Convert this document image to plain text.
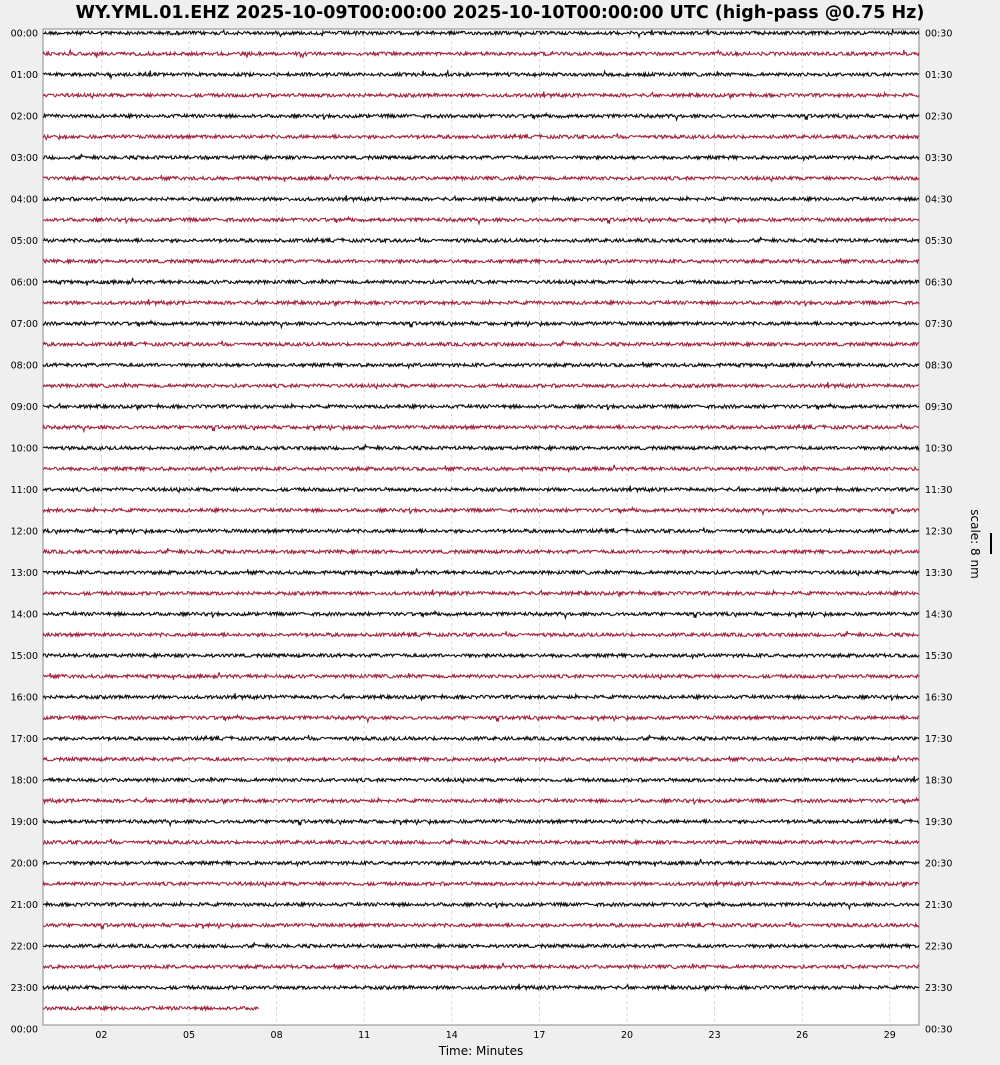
WY.YML.01.EHZ 2025-10-09T00:00:00 2025-10-10T00:00:00 UTC (high-pass @0.75 Hz)
02	05	08	11	14	17	20	23	26	29
00:00	00:30
01:00	01:30
02:00	02:30
03:00	03:30
04:00	04:30
05:00	05:30
06:00	06:30
07:00	07:30
08:00	08:30
09:00	09:30
10:00	10:30
11:00	11:30
12:00	12:30
13:00	13:30
14:00	14:30
15:00	15:30
16:00	16:30
17:00	17:30
18:00	18:30
19:00	19:30
20:00	20:30
21:00	21:30
22:00	22:30
23:00	23:30
00:00	00:30
Time: Minutes
scale: 8 nm
